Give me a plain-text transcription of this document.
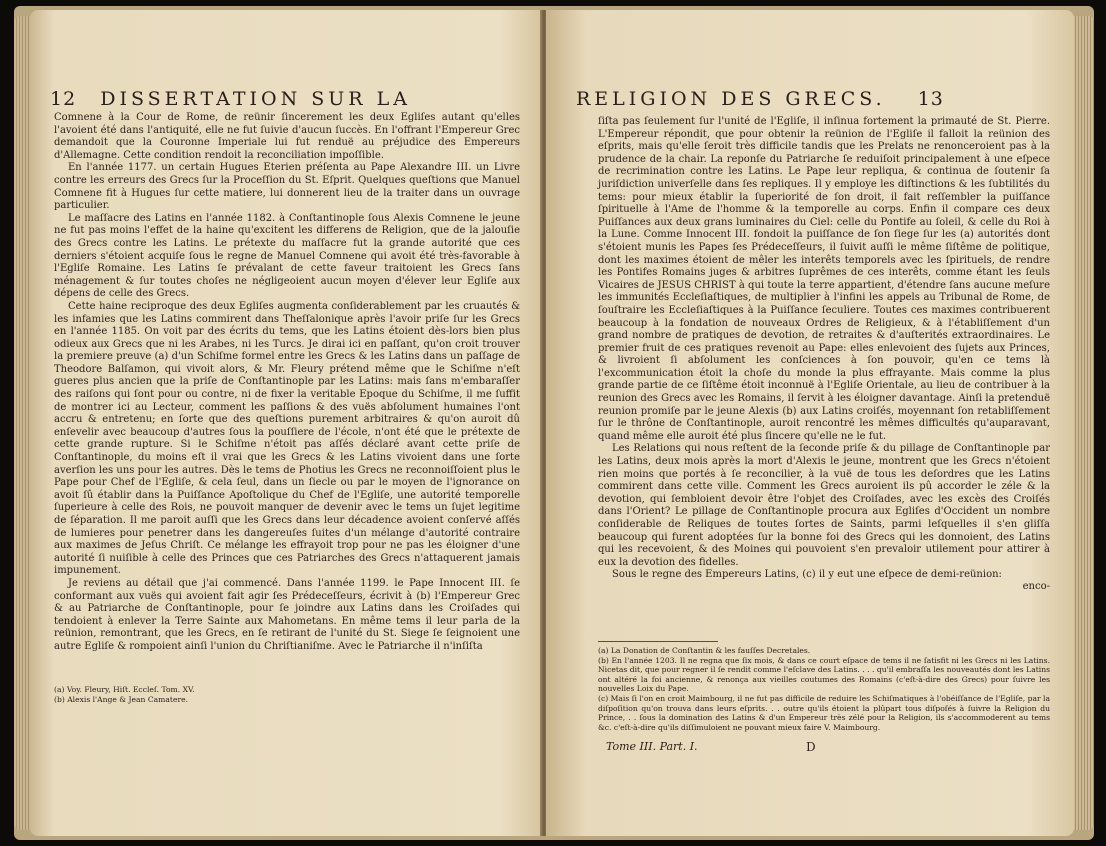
12 DISSERTATION SUR LA

Comnene à la Cour de Rome, de reünir ſincerement les deux Egliſes autant qu'elles l'avoient été dans l'antiquité, elle ne fut ſuivie d'aucun ſuccès. En l'offrant l'Empereur Grec demandoit que la Couronne Imperiale lui fut renduë au préjudice des Empereurs d'Allemagne. Cette condition rendoit la reconciliation impoſſible.

En l'année 1177. un certain Hugues Eterien préſenta au Pape Alexandre III. un Livre contre les erreurs des Grecs ſur la Proceſſion du St. Eſprit. Quelques queſtions que Manuel Comnene fit à Hugues ſur cette matiere, lui donnerent lieu de la traiter dans un ouvrage particulier.

Le maſſacre des Latins en l'année 1182. à Conſtantinople ſous Alexis Comnene le jeune ne fut pas moins l'effet de la haine qu'excitent les differens de Religion, que de la jalouſie des Grecs contre les Latins. Le prétexte du maſſacre fut la grande autorité que ces derniers s'étoient acquiſe ſous le regne de Manuel Comnene qui avoit été très-favorable à l'Egliſe Romaine. Les Latins ſe prévalant de cette faveur traitoient les Grecs ſans ménagement & ſur toutes choſes ne négligeoient aucun moyen d'élever leur Egliſe aux dépens de celle des Grecs.

Cette haine reciproque des deux Egliſes augmenta conſiderablement par les cruautés & les infamies que les Latins commirent dans Theſſalonique après l'avoir priſe ſur les Grecs en l'année 1185. On voit par des écrits du tems, que les Latins étoient dès-lors bien plus odieux aux Grecs que ni les Arabes, ni les Turcs. Je dirai ici en paſſant, qu'on croit trouver la premiere preuve (a) d'un Schiſme formel entre les Grecs & les Latins dans un paſſage de Theodore Balſamon, qui vivoit alors, & Mr. Fleury prétend même que le Schiſme n'eſt gueres plus ancien que la priſe de Conſtantinople par les Latins: mais ſans m'embaraſſer des raiſons qui ſont pour ou contre, ni de fixer la veritable Epoque du Schiſme, il me ſuffit de montrer ici au Lecteur, comment les paſſions & des vuës abſolument humaines l'ont accru & entretenu; en ſorte que des queſtions purement arbitraires & qu'on auroit dû enſevelir avec beaucoup d'autres ſous la pouſſiere de l'école, n'ont été que le prétexte de cette grande rupture. Si le Schiſme n'étoit pas aſſés déclaré avant cette priſe de Conſtantinople, du moins eſt il vrai que les Grecs & les Latins vivoient dans une ſorte averſion les uns pour les autres. Dès le tems de Photius les Grecs ne reconnoiſſoient plus le Pape pour Chef de l'Egliſe, & cela ſeul, dans un ſiecle ou par le moyen de l'ignorance on avoit ſû établir dans la Puiſſance Apoſtolique du Chef de l'Egliſe, une autorité temporelle ſuperieure à celle des Rois, ne pouvoit manquer de devenir avec le tems un ſujet legitime de ſéparation. Il me paroit auſſi que les Grecs dans leur décadence avoient conſervé aſſés de lumieres pour penetrer dans les dangereuſes ſuites d'un mélange d'autorité contraire aux maximes de Jeſus Chriſt. Ce mélange les effrayoit trop pour ne pas les éloigner d'une autorité ſi nuiſible à celle des Princes que ces Patriarches des Grecs n'attaquerent jamais impunement.

Je reviens au détail que j'ai commencé. Dans l'année 1199. le Pape Innocent III. ſe conformant aux vuës qui avoient fait agir ſes Prédeceſſeurs, écrivit à (b) l'Empereur Grec & au Patriarche de Conſtantinople, pour ſe joindre aux Latins dans les Croiſades qui tendoient à enlever la Terre Sainte aux Mahometans. En même tems il leur parla de la reünion, remontrant, que les Grecs, en ſe retirant de l'unité du St. Siege ſe ſeignoient une autre Egliſe & rompoient ainſi l'union du Chriſtianiſme. Avec le Patriarche il n'inſiſta

(a) Voy. Fleury, Hiſt. Eccleſ. Tom. XV.

(b) Alexis l'Ange & Jean Camatere.

RELIGION DES GRECS. 13

ſiſta pas ſeulement ſur l'unité de l'Egliſe, il inſinua fortement la primauté de St. Pierre. L'Empereur répondit, que pour obtenir la reünion de l'Egliſe il falloit la reünion des eſprits, mais qu'elle ſeroit très difficile tandis que les Prelats ne renonceroient pas à la prudence de la chair. La reponſe du Patriarche ſe reduiſoit principalement à une eſpece de recrimination contre les Latins. Le Pape leur repliqua, & continua de ſoutenir ſa juriſdiction univerſelle dans ſes repliques. Il y employe les diſtinctions & les ſubtilités du tems: pour mieux établir la ſuperiorité de ſon droit, il fait reſſembler la puiſſance ſpirituelle à l'Ame de l'homme & la temporelle au corps. Enfin il compare ces deux Puiſſances aux deux grans luminaires du Ciel: celle du Pontife au ſoleil, & celle du Roi à la Lune. Comme Innocent III. fondoit la puiſſance de ſon ſiege ſur les (a) autorités dont s'étoient munis les Papes ſes Prédeceſſeurs, il ſuivit auſſi le même ſiſtême de politique, dont les maximes étoient de mêler les interêts temporels avec les ſpirituels, de rendre les Pontifes Romains juges & arbitres ſuprêmes de ces interêts, comme étant les ſeuls Vicaires de JESUS CHRIST à qui toute la terre appartient, d'étendre ſans aucune meſure les immunités Eccleſiaſtiques, de multiplier à l'infini les appels au Tribunal de Rome, de ſouſtraire les Eccleſiaſtiques à la Puiſſance ſeculiere. Toutes ces maximes contribuerent beaucoup à la fondation de nouveaux Ordres de Religieux, & à l'établiſſement d'un grand nombre de pratiques de devotion, de retraites & d'auſterités extraordinaires. Le premier fruit de ces pratiques revenoit au Pape: elles enlevoient des ſujets aux Princes, & livroient ſi abſolument les conſciences à ſon pouvoir, qu'en ce tems là l'excommunication étoit la choſe du monde la plus effrayante. Mais comme la plus grande partie de ce ſiſtême étoit inconnuë à l'Egliſe Orientale, au lieu de contribuer à la reunion des Grecs avec les Romains, il ſervit à les éloigner davantage. Ainſi la pretenduë reunion promiſe par le jeune Alexis (b) aux Latins croiſés, moyennant ſon retabliſſement ſur le thrône de Conſtantinople, auroit rencontré les mêmes difficultés qu'auparavant, quand même elle auroit été plus ſincere qu'elle ne le fut.

Les Relations qui nous reſtent de la ſeconde priſe & du pillage de Conſtantinople par les Latins, deux mois après la mort d'Alexis le jeune, montrent que les Grecs n'étoient rien moins que portés à ſe reconcilier, à la vuë de tous les deſordres que les Latins commirent dans cette ville. Comment les Grecs auroient ils pû accorder le zéle & la devotion, qui ſembloient devoir être l'objet des Croiſades, avec les excès des Croiſés dans l'Orient? Le pillage de Conſtantinople procura aux Egliſes d'Occident un nombre conſiderable de Reliques de toutes ſortes de Saints, parmi leſquelles il s'en gliſſa beaucoup qui furent adoptées ſur la bonne foi des Grecs qui les donnoient, des Latins qui les recevoient, & des Moines qui pouvoient s'en prevaloir utilement pour attirer à eux la devotion des fidelles.

Sous le regne des Empereurs Latins, (c) il y eut une eſpece de demi-reünion:

enco-

(a) La Donation de Conſtantin & les fauſſes Decretales.

(b) En l'année 1203. Il ne regna que ſix mois, & dans ce court eſpace de tems il ne ſatisfit ni les Grecs ni les Latins. Nicetas dit, que pour regner il ſe rendit comme l'eſclave des Latins. . . . qu'il embraſſa les nouveautés dont les Latins ont altéré la foi ancienne, & renonça aux vieilles coutumes des Romains (c'eſt-à-dire des Grecs) pour ſuivre les nouvelles Loix du Pape.

(c) Mais ſi l'on en croit Maimbourg, il ne fut pas difficile de reduire les Schiſmatiques à l'obéiſſance de l'Egliſe, par la diſpoſition qu'on trouva dans leurs eſprits. . . outre qu'ils étoient la plûpart tous diſpoſés à ſuivre la Religion du Prince, . . ſous la domination des Latins & d'un Empereur très zélé pour la Religion, ils s'accommoderent au tems &c. c'eſt-à-dire qu'ils diſſimuloient ne pouvant mieux faire V. Maimbourg.

Tome III. Part. I.	D
